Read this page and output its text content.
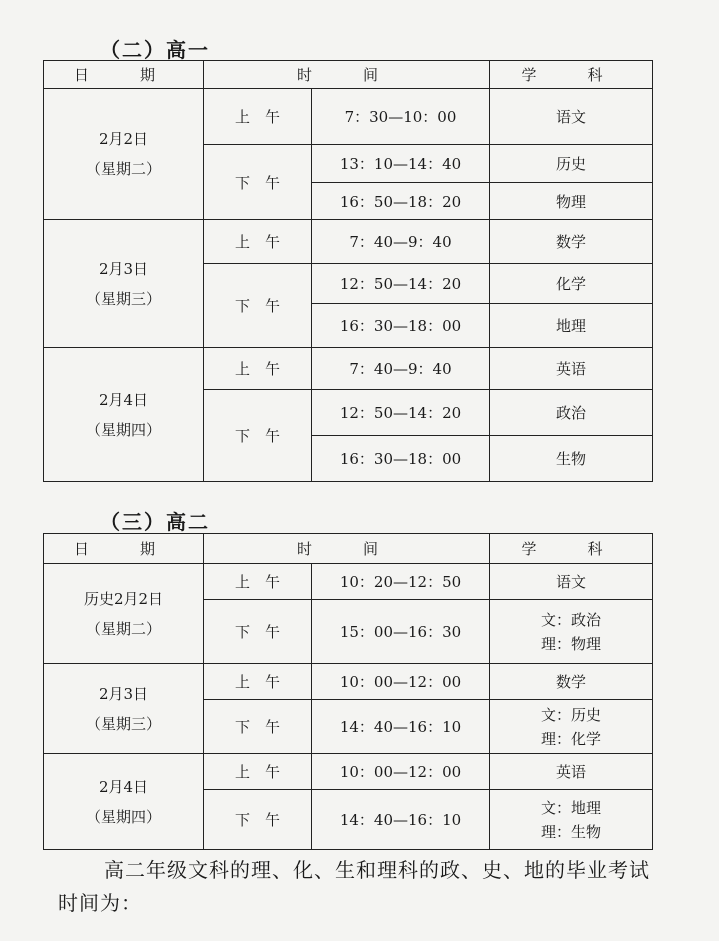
（二）高一
日　期	时　间		学　科

2月2日
（星期二）	上　午	7：30—10：00	语文
	下　午	13：10—14：40	历史
		16：50—18：20	物理

2月3日
（星期三）	上　午	7：40—9：40	数学
	下　午	12：50—14：20	化学
		16：30—18：00	地理

2月4日
（星期四）	上　午	7：40—9：40	英语
	下　午	12：50—14：20	政治
		16：30—18：00	生物
（三）高二
日　期	时　间		学　科

历史2月2日
（星期二）	上　午	10：20—12：50	语文
	下　午	15：00—16：30	文：政治
理：物理

2月3日
（星期三）	上　午	10：00—12：00	数学
	下　午	14：40—16：10	文：历史
理：化学

2月4日
（星期四）	上　午	10：00—12：00	英语
	下　午	14：40—16：10	文：地理
理：生物
高二年级文科的理、化、生和理科的政、史、地的毕业考试
时间为：
